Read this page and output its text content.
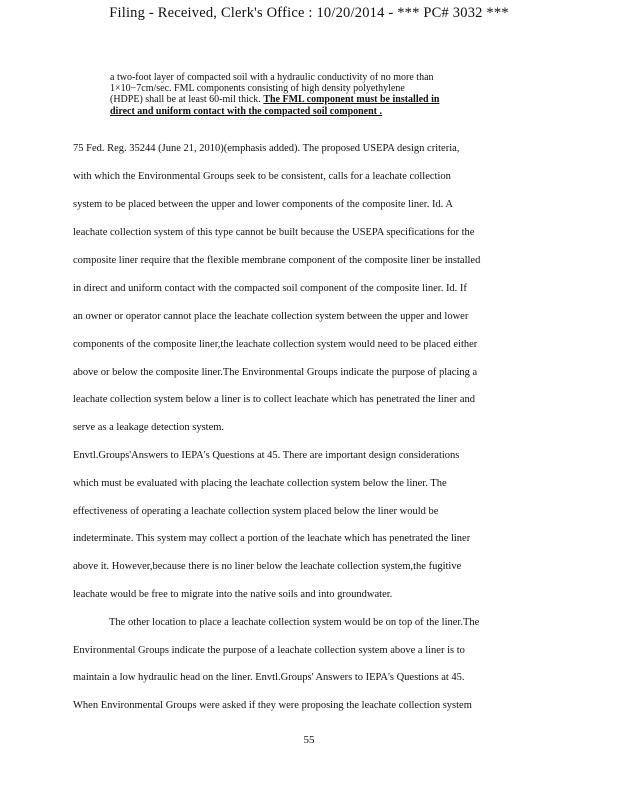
Filing - Received, Clerk's Office : 10/20/2014 - *** PC# 3032 ***
a two-foot layer of compacted soil with a hydraulic conductivity of no more than
1×10−7cm/sec. FML components consisting of high density polyethylene
(HDPE) shall be at least 60-mil thick. The FML component must be installed in
direct and uniform contact with the compacted soil component .
75 Fed. Reg. 35244 (June 21, 2010)(emphasis added). The proposed USEPA design criteria,
with which the Environmental Groups seek to be consistent, calls for a leachate collection
system to be placed between the upper and lower components of the composite liner. Id. A
leachate collection system of this type cannot be built because the USEPA specifications for the
composite liner require that the flexible membrane component of the composite liner be installed
in direct and uniform contact with the compacted soil component of the composite liner. Id. If
an owner or operator cannot place the leachate collection system between the upper and lower
components of the composite liner,the leachate collection system would need to be placed either
above or below the composite liner.The Environmental Groups indicate the purpose of placing a
leachate collection system below a liner is to collect leachate which has penetrated the liner and
serve as a leakage detection system.
Envtl.Groups'Answers to IEPA's Questions at 45. There are important design considerations
which must be evaluated with placing the leachate collection system below the liner. The
effectiveness of operating a leachate collection system placed below the liner would be
indeterminate. This system may collect a portion of the leachate which has penetrated the liner
above it. However,because there is no liner below the leachate collection system,the fugitive
leachate would be free to migrate into the native soils and into groundwater.
The other location to place a leachate collection system would be on top of the liner.The
Environmental Groups indicate the purpose of a leachate collection system above a liner is to
maintain a low hydraulic head on the liner. Envtl.Groups' Answers to IEPA's Questions at 45.
When Environmental Groups were asked if they were proposing the leachate collection system
55
